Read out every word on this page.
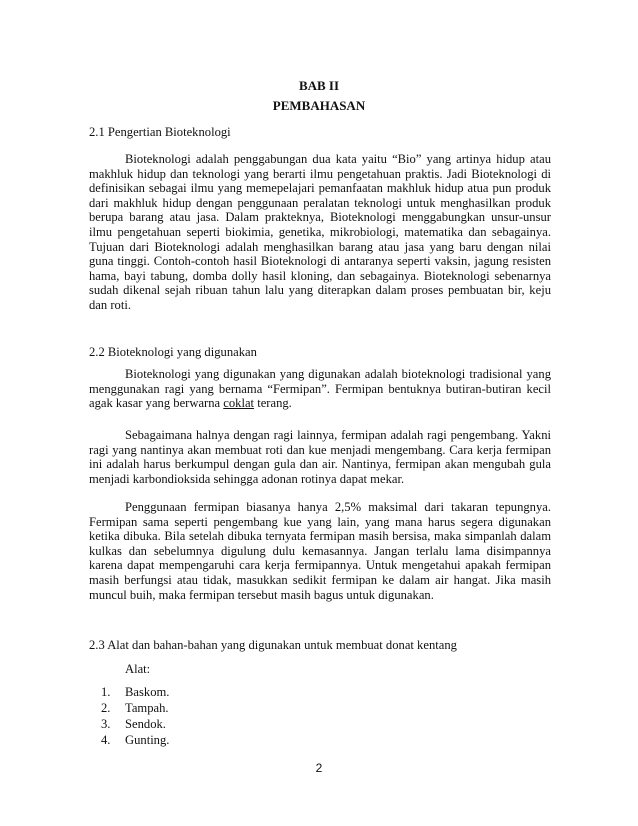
BAB II

PEMBAHASAN

2.1 Pengertian Bioteknologi

Bioteknologi adalah penggabungan dua kata yaitu “Bio” yang artinya hidup atau makhluk hidup dan teknologi yang berarti ilmu pengetahuan praktis. Jadi Bioteknologi di definisikan sebagai ilmu yang memepelajari pemanfaatan makhluk hidup atua pun produk dari makhluk hidup dengan penggunaan peralatan teknologi untuk menghasilkan produk berupa barang atau jasa. Dalam prakteknya, Bioteknologi menggabungkan unsur-unsur ilmu pengetahuan seperti biokimia, genetika, mikrobiologi, matematika dan sebagainya. Tujuan dari Bioteknologi adalah menghasilkan barang atau jasa yang baru dengan nilai guna tinggi. Contoh-contoh hasil Bioteknologi di antaranya seperti vaksin, jagung resisten hama, bayi tabung, domba dolly hasil kloning, dan sebagainya. Bioteknologi sebenarnya sudah dikenal sejah ribuan tahun lalu yang diterapkan dalam proses pembuatan bir, keju dan roti.

2.2 Bioteknologi yang digunakan

Bioteknologi yang digunakan yang digunakan adalah bioteknologi tradisional yang menggunakan ragi yang bernama “Fermipan”. Fermipan bentuknya butiran-butiran kecil agak kasar yang berwarna coklat terang.

Sebagaimana halnya dengan ragi lainnya, fermipan adalah ragi pengembang. Yakni ragi yang nantinya akan membuat roti dan kue menjadi mengembang. Cara kerja fermipan ini adalah harus berkumpul dengan gula dan air. Nantinya, fermipan akan mengubah gula menjadi karbondioksida sehingga adonan rotinya dapat mekar.

Penggunaan fermipan biasanya hanya 2,5% maksimal dari takaran tepungnya. Fermipan sama seperti pengembang kue yang lain, yang mana harus segera digunakan ketika dibuka. Bila setelah dibuka ternyata fermipan masih bersisa, maka simpanlah dalam kulkas dan sebelumnya digulung dulu kemasannya. Jangan terlalu lama disimpannya karena dapat mempengaruhi cara kerja fermipannya. Untuk mengetahui apakah fermipan masih berfungsi atau tidak, masukkan sedikit fermipan ke dalam air hangat. Jika masih muncul buih, maka fermipan tersebut masih bagus untuk digunakan.

2.3 Alat dan bahan-bahan yang digunakan untuk membuat donat kentang

Alat:

1. Baskom.
2. Tampah.
3. Sendok.
4. Gunting.

2
